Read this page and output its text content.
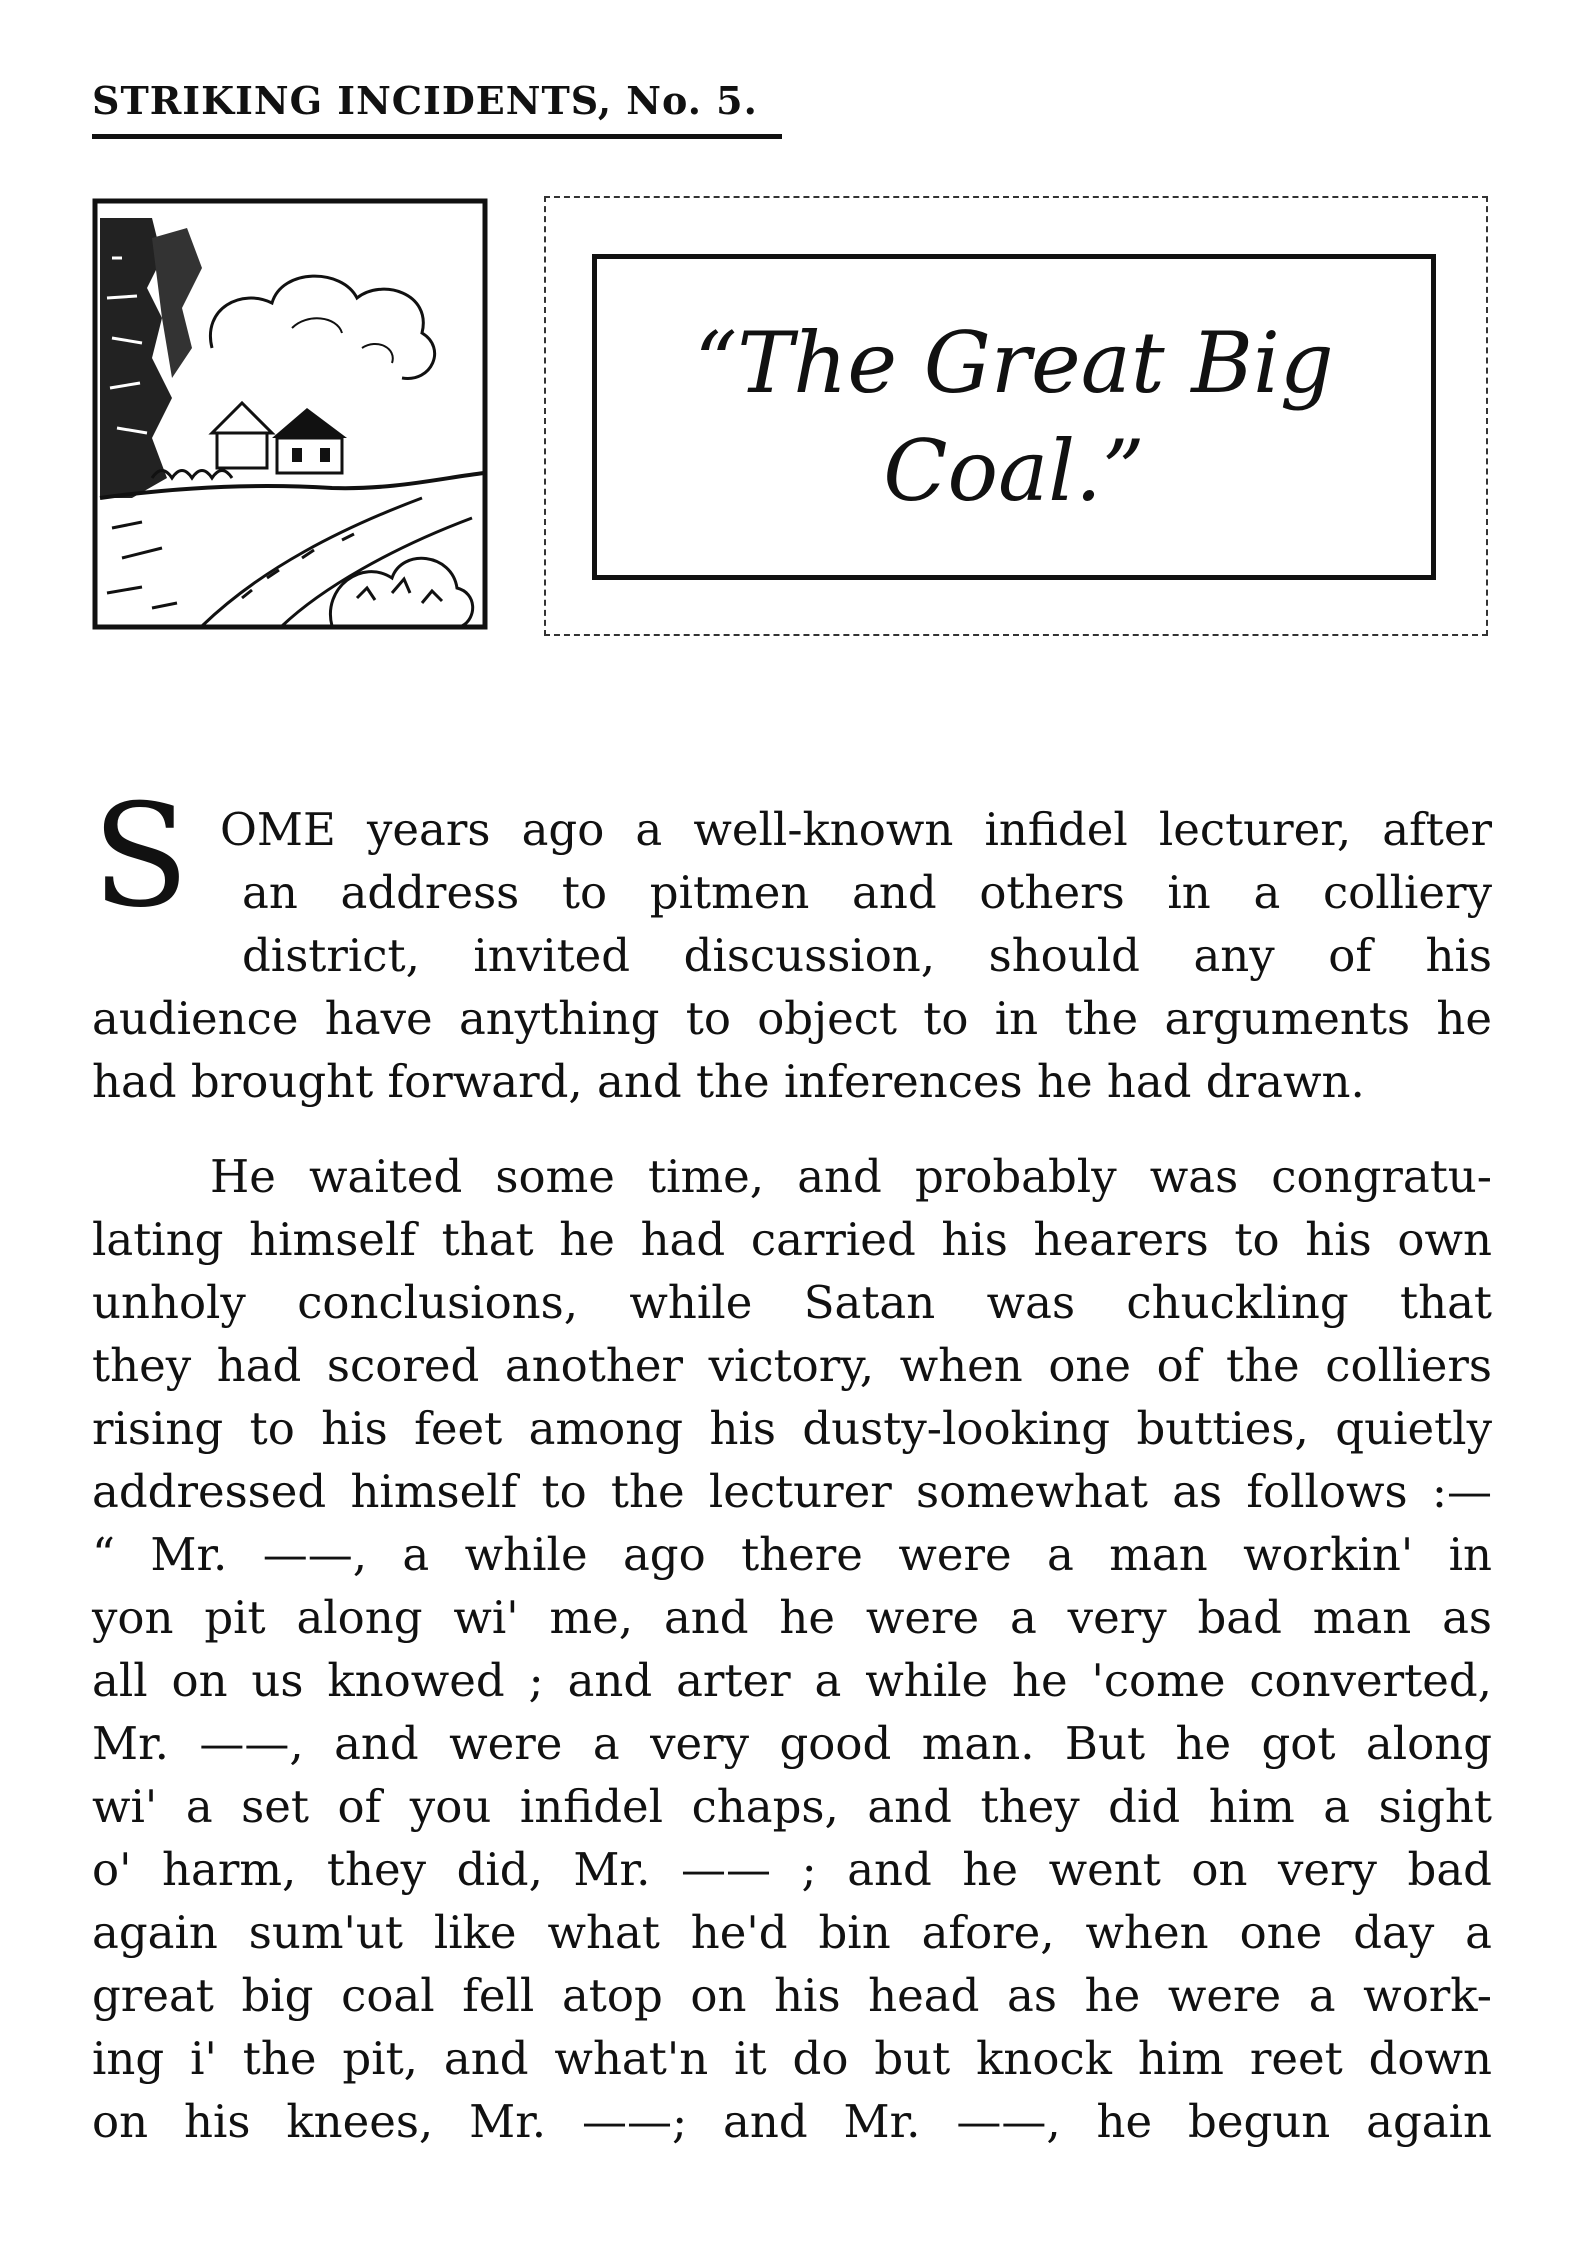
STRIKING INCIDENTS, No. 5.
“The Great Big
Coal.”
S OME years ago a well-known infidel lecturer, after
an address to pitmen and others in a colliery
district, invited discussion, should any of his
audience have anything to object to in the arguments he
had brought forward, and the inferences he had drawn.
He waited some time, and probably was congratu-
lating himself that he had carried his hearers to his own
unholy conclusions, while Satan was chuckling that
they had scored another victory, when one of the colliers
rising to his feet among his dusty-looking butties, quietly
addressed himself to the lecturer somewhat as follows :—
“ Mr. ——, a while ago there were a man workin' in
yon pit along wi' me, and he were a very bad man as
all on us knowed ; and arter a while he 'come converted,
Mr. ——, and were a very good man. But he got along
wi' a set of you infidel chaps, and they did him a sight
o' harm, they did, Mr. —— ; and he went on very bad
again sum'ut like what he'd bin afore, when one day a
great big coal fell atop on his head as he were a work-
ing i' the pit, and what'n it do but knock him reet down
on his knees, Mr. ——; and Mr. ——, he begun again
